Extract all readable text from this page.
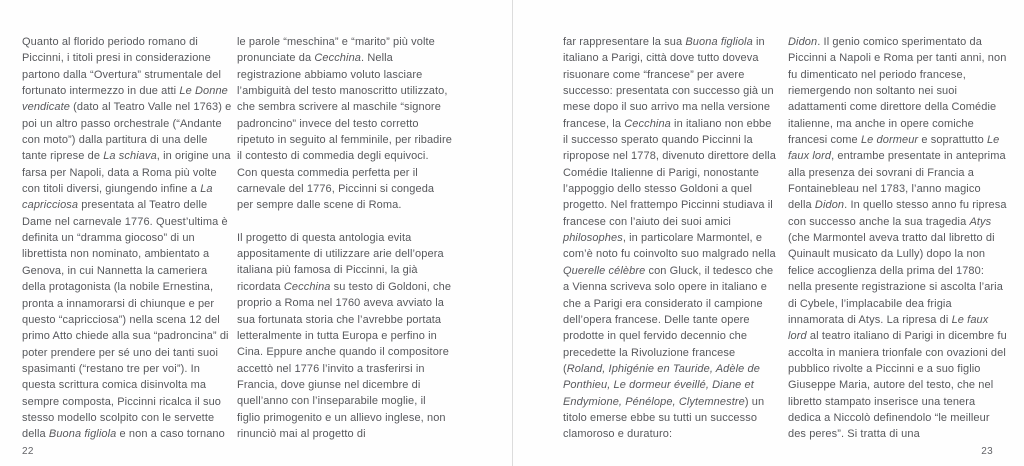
Quanto al florido periodo romano di Piccinni, i titoli presi in considerazione partono dalla “Overtura” strumentale del fortunato intermezzo in due atti Le Donne vendicate (dato al Teatro Valle nel 1763) e poi un altro passo orchestrale (“Andante con moto”) dalla partitura di una delle tante riprese de La schiava, in origine una farsa per Napoli, data a Roma più volte con titoli diversi, giungendo infine a La capricciosa presentata al Teatro delle Dame nel carnevale 1776. Quest’ultima è definita un “dramma giocoso” di un librettista non nominato, ambientato a Genova, in cui Nannetta la cameriera della protagonista (la nobile Ernestina, pronta a innamorarsi di chiunque e per questo “capricciosa”) nella scena 12 del primo Atto chiede alla sua “padroncina” di poter prendere per sé uno dei tanti suoi spasimanti (“restano tre per voi”). In questa scrittura comica disinvolta ma sempre composta, Piccinni ricalca il suo stesso modello scolpito con le servette della Buona figliola e non a caso tornano

le parole “meschina” e “marito” più volte pronunciate da Cecchina. Nella registrazione abbiamo voluto lasciare l’ambiguità del testo manoscritto utilizzato, che sembra scrivere al maschile “signore padroncino” invece del testo corretto ripetuto in seguito al femminile, per ribadire il contesto di commedia degli equivoci. Con questa commedia perfetta per il carnevale del 1776, Piccinni si congeda per sempre dalle scene di Roma.

Il progetto di questa antologia evita appositamente di utilizzare arie dell’opera italiana più famosa di Piccinni, la già ricordata Cecchina su testo di Goldoni, che proprio a Roma nel 1760 aveva avviato la sua fortunata storia che l’avrebbe portata letteralmente in tutta Europa e perfino in Cina. Eppure anche quando il compositore accettò nel 1776 l’invito a trasferirsi in Francia, dove giunse nel dicembre di quell’anno con l’inseparabile moglie, il figlio primogenito e un allievo inglese, non rinunciò mai al progetto di

22

far rappresentare la sua Buona figliola in italiano a Parigi, città dove tutto doveva risuonare come “francese” per avere successo: presentata con successo già un mese dopo il suo arrivo ma nella versione francese, la Cecchina in italiano non ebbe il successo sperato quando Piccinni la ripropose nel 1778, divenuto direttore della Comédie Italienne di Parigi, nonostante l’appoggio dello stesso Goldoni a quel progetto. Nel frattempo Piccinni studiava il francese con l’aiuto dei suoi amici philosophes, in particolare Marmontel, e com’è noto fu coinvolto suo malgrado nella Querelle célèbre con Gluck, il tedesco che a Vienna scriveva solo opere in italiano e che a Parigi era considerato il campione dell’opera francese. Delle tante opere prodotte in quel fervido decennio che precedette la Rivoluzione francese (Roland, Iphigénie en Tauride, Adèle de Ponthieu, Le dormeur éveillé, Diane et Endymione, Pénélope, Clytemnestre) un titolo emerse ebbe su tutti un successo clamoroso e duraturo:

Didon. Il genio comico sperimentato da Piccinni a Napoli e Roma per tanti anni, non fu dimenticato nel periodo francese, riemergendo non soltanto nei suoi adattamenti come direttore della Comédie italienne, ma anche in opere comiche francesi come Le dormeur e soprattutto Le faux lord, entrambe presentate in anteprima alla presenza dei sovrani di Francia a Fontainebleau nel 1783, l’anno magico della Didon. In quello stesso anno fu ripresa con successo anche la sua tragedia Atys (che Marmontel aveva tratto dal libretto di Quinault musicato da Lully) dopo la non felice accoglienza della prima del 1780: nella presente registrazione si ascolta l’aria di Cybele, l’implacabile dea frigia innamorata di Atys. La ripresa di Le faux lord al teatro italiano di Parigi in dicembre fu accolta in maniera trionfale con ovazioni del pubblico rivolte a Piccinni e a suo figlio Giuseppe Maria, autore del testo, che nel libretto stampato inserisce una tenera dedica a Niccolò definendolo “le meilleur des peres”. Si tratta di una

23
